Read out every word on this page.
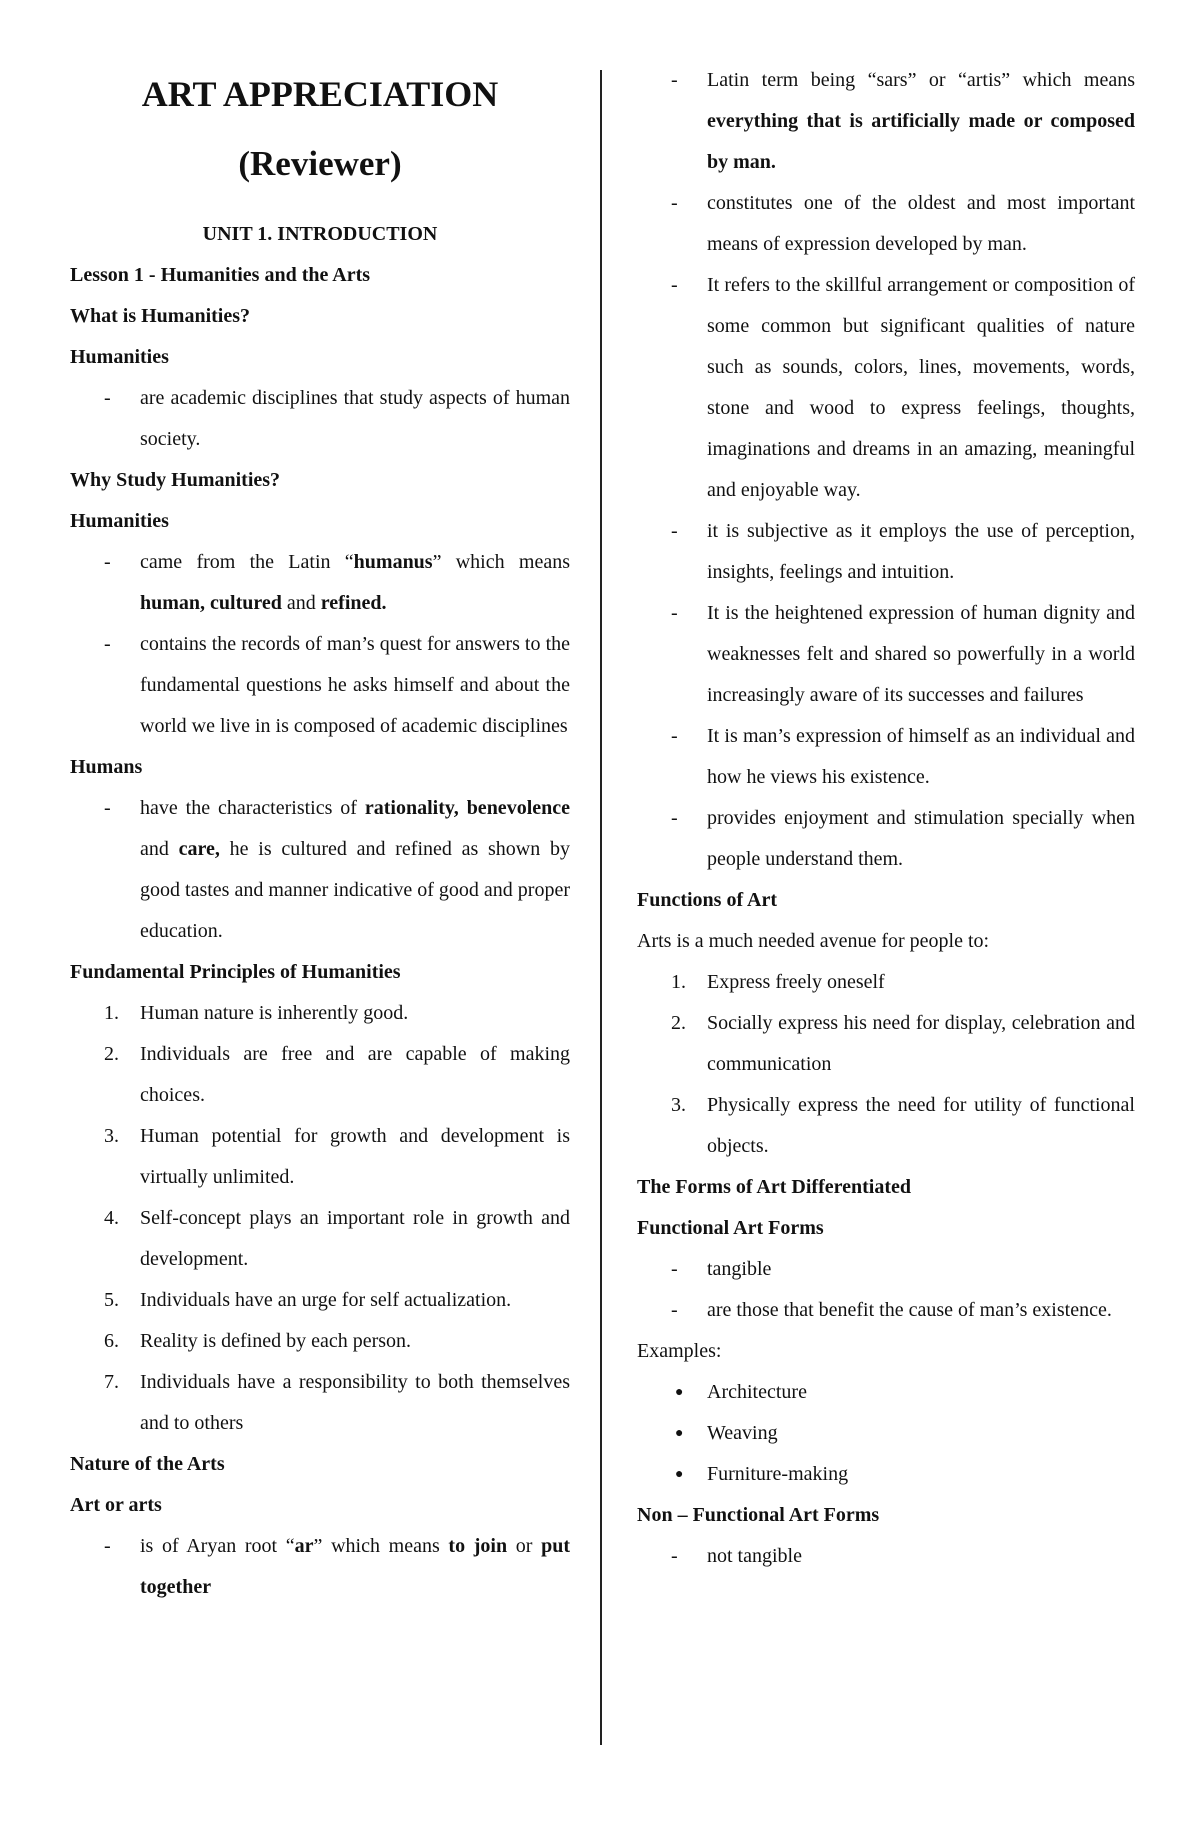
ART APPRECIATION
(Reviewer)
UNIT 1. INTRODUCTION
Lesson 1 - Humanities and the Arts
What is Humanities?
Humanities
- are academic disciplines that study aspects of human society.
Why Study Humanities?
Humanities
- came from the Latin “humanus” which means human, cultured and refined.
- contains the records of man’s quest for answers to the fundamental questions he asks himself and about the world we live in is composed of academic disciplines
Humans
- have the characteristics of rationality, benevolence and care, he is cultured and refined as shown by good tastes and manner indicative of good and proper education.
Fundamental Principles of Humanities
1. Human nature is inherently good.
2. Individuals are free and are capable of making choices.
3. Human potential for growth and development is virtually unlimited.
4. Self-concept plays an important role in growth and development.
5. Individuals have an urge for self actualization.
6. Reality is defined by each person.
7. Individuals have a responsibility to both themselves and to others
Nature of the Arts
Art or arts
- is of Aryan root “ar” which means to join or put together
- Latin term being “sars” or “artis” which means everything that is artificially made or composed by man.
- constitutes one of the oldest and most important means of expression developed by man.
- It refers to the skillful arrangement or composition of some common but significant qualities of nature such as sounds, colors, lines, movements, words, stone and wood to express feelings, thoughts, imaginations and dreams in an amazing, meaningful and enjoyable way.
- it is subjective as it employs the use of perception, insights, feelings and intuition.
- It is the heightened expression of human dignity and weaknesses felt and shared so powerfully in a world increasingly aware of its successes and failures
- It is man’s expression of himself as an individual and how he views his existence.
- provides enjoyment and stimulation specially when people understand them.
Functions of Art
Arts is a much needed avenue for people to:
1. Express freely oneself
2. Socially express his need for display, celebration and communication
3. Physically express the need for utility of functional objects.
The Forms of Art Differentiated
Functional Art Forms
- tangible
- are those that benefit the cause of man’s existence.
Examples:
● Architecture
● Weaving
● Furniture-making
Non – Functional Art Forms
- not tangible
